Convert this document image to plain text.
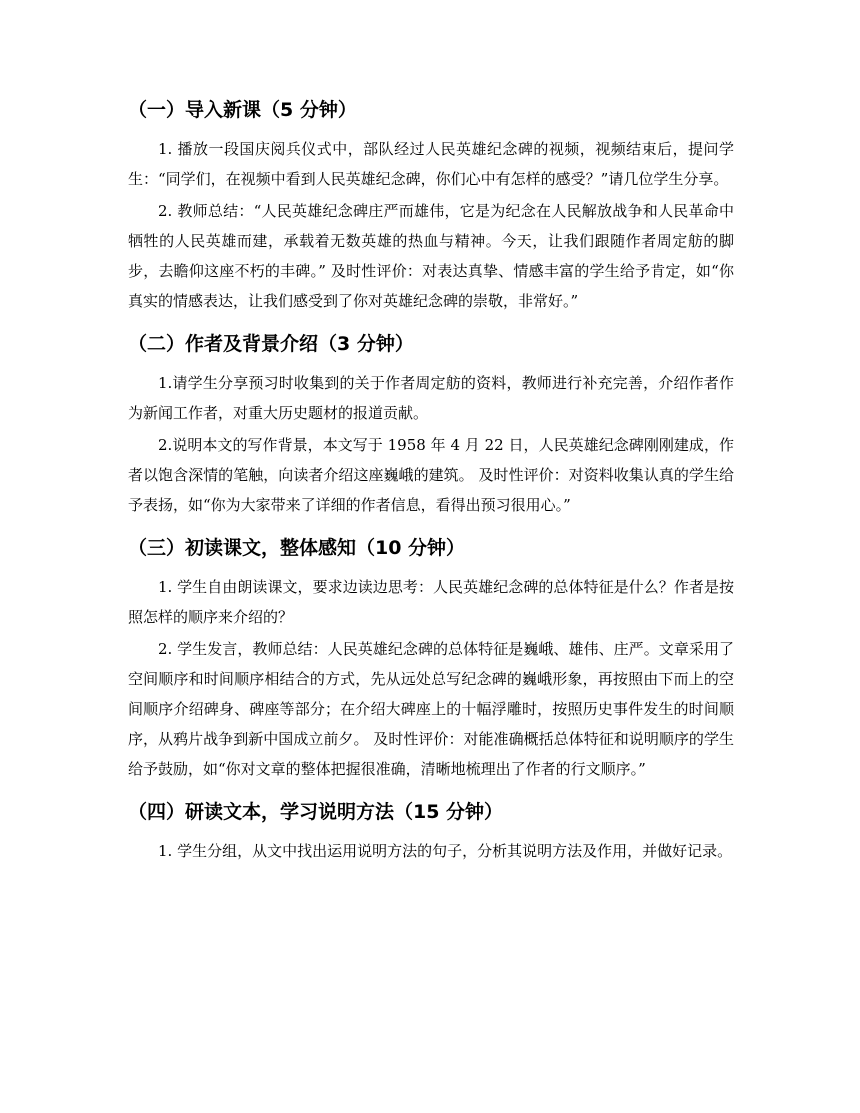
（一）导入新课（5 分钟）

1. 播放一段国庆阅兵仪式中，部队经过人民英雄纪念碑的视频，视频结束后，提问学生：“同学们，在视频中看到人民英雄纪念碑，你们心中有怎样的感受？”请几位学生分享。

2. 教师总结：“人民英雄纪念碑庄严而雄伟，它是为纪念在人民解放战争和人民革命中牺牲的人民英雄而建，承载着无数英雄的热血与精神。今天，让我们跟随作者周定舫的脚步，去瞻仰这座不朽的丰碑。” 及时性评价：对表达真挚、情感丰富的学生给予肯定，如“你真实的情感表达，让我们感受到了你对英雄纪念碑的崇敬，非常好。”

（二）作者及背景介绍（3 分钟）

1.请学生分享预习时收集到的关于作者周定舫的资料，教师进行补充完善，介绍作者作为新闻工作者，对重大历史题材的报道贡献。

2.说明本文的写作背景，本文写于 1958 年 4 月 22 日，人民英雄纪念碑刚刚建成，作者以饱含深情的笔触，向读者介绍这座巍峨的建筑。 及时性评价：对资料收集认真的学生给予表扬，如“你为大家带来了详细的作者信息，看得出预习很用心。”

（三）初读课文，整体感知（10 分钟）

1. 学生自由朗读课文，要求边读边思考：人民英雄纪念碑的总体特征是什么？作者是按照怎样的顺序来介绍的？

2. 学生发言，教师总结：人民英雄纪念碑的总体特征是巍峨、雄伟、庄严。文章采用了空间顺序和时间顺序相结合的方式，先从远处总写纪念碑的巍峨形象，再按照由下而上的空间顺序介绍碑身、碑座等部分；在介绍大碑座上的十幅浮雕时，按照历史事件发生的时间顺序，从鸦片战争到新中国成立前夕。 及时性评价：对能准确概括总体特征和说明顺序的学生给予鼓励，如“你对文章的整体把握很准确，清晰地梳理出了作者的行文顺序。”

（四）研读文本，学习说明方法（15 分钟）

1. 学生分组，从文中找出运用说明方法的句子，分析其说明方法及作用，并做好记录。
